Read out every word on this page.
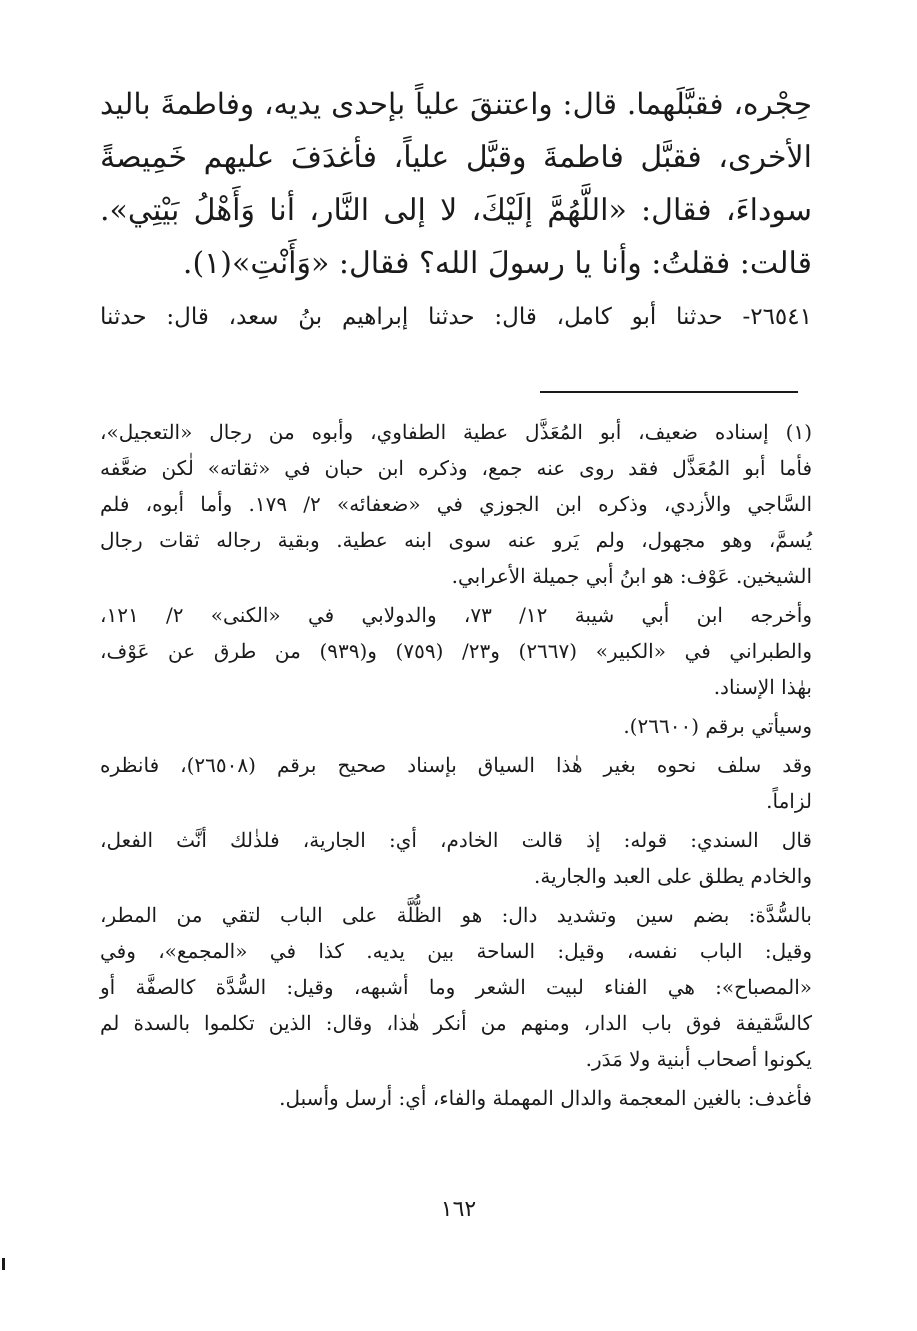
حِجْره، فقبَّلَهما. قال: واعتنقَ علياً بإحدى يديه، وفاطمةَ باليد
الأخرى، فقبَّل فاطمةَ وقبَّل علياً، فأغدَفَ عليهم خَمِيصةً
سوداءَ، فقال: «اللَّهُمَّ إلَيْكَ، لا إلى النَّار، أنا وَأَهْلُ بَيْتِي».
قالت: فقلتُ: وأنا يا رسولَ الله؟ فقال: «وَأَنْتِ»(١).
٢٦٥٤١- حدثنا أبو كامل، قال: حدثنا إبراهيم بنُ سعد، قال: حدثنا
(١) إسناده ضعيف، أبو المُعَذَّل عطية الطفاوي، وأبوه من رجال «التعجيل»،
فأما أبو المُعَذَّل فقد روى عنه جمع، وذكره ابن حبان في «ثقاته» لٰكن ضعَّفه
السَّاجي والأزدي، وذكره ابن الجوزي في «ضعفائه» ٢/ ١٧٩. وأما أبوه، فلم
يُسمَّ، وهو مجهول، ولم يَرو عنه سوى ابنه عطية. وبقية رجاله ثقات رجال
الشيخين. عَوْف: هو ابنُ أبي جميلة الأعرابي.
وأخرجه ابن أبي شيبة ١٢/ ٧٣، والدولابي في «الكنى» ٢/ ١٢١،
والطبراني في «الكبير» (٢٦٦٧) و٢٣/ (٧٥٩) و(٩٣٩) من طرق عن عَوْف،
بهٰذا الإسناد.
وسيأتي برقم (٢٦٦٠٠).
وقد سلف نحوه بغير هٰذا السياق بإسناد صحيح برقم (٢٦٥٠٨)، فانظره
لزاماً.
قال السندي: قوله: إذ قالت الخادم، أي: الجارية، فلذٰلك أنَّث الفعل،
والخادم يطلق على العبد والجارية.
بالسُّدَّة: بضم سين وتشديد دال: هو الظُّلَّة على الباب لتقي من المطر،
وقيل: الباب نفسه، وقيل: الساحة بين يديه. كذا في «المجمع»، وفي
«المصباح»: هي الفناء لبيت الشعر وما أشبهه، وقيل: السُّدَّة كالصفَّة أو
كالسَّقيفة فوق باب الدار، ومنهم من أنكر هٰذا، وقال: الذين تكلموا بالسدة لم
يكونوا أصحاب أبنية ولا مَدَر.
فأغدف: بالغين المعجمة والدال المهملة والفاء، أي: أرسل وأسبل.
١٦٢
